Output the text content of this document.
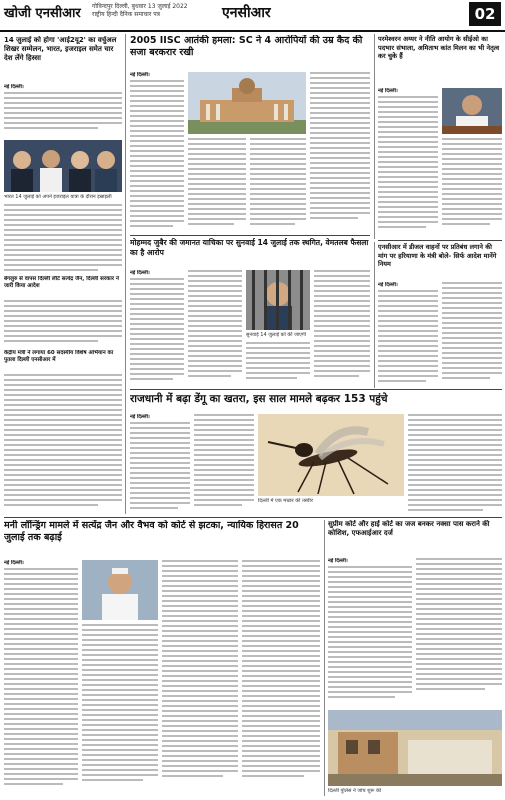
खोजी एनसीआर गोविन्दपुर दिल्ली, बुधवार 13 जुलाई 2022
राष्ट्रीय हिन्दी दैनिक समाचार पत्र	एनसीआर	02
14 जुलाई को होगा 'आई2यू2' का वर्चुअल शिखर सम्मेलन, भारत, इजराइल समेत चार देश लेंगे हिस्सा
नई दिल्ली।
भारत 14 जुलाई को अपने इजराइल यात्रा के दौरान इस्राइली
बेंगलुरु से वापस दिल्ली लौटे सत्येंद्र जैन, दिल्ली सरकार ने जारी किया आदेश
केंद्रीय मंत्री ने लगाया 60 सदस्यीय विशेष अभियान का पुतला दिल्ली एनसीआर में
2005 IISC आतंकी हमला: SC ने 4 आरोपियों की उम्र कैद की सजा बरकरार रखी
नई दिल्ली।
मोहम्मद जुबैर की जमानत याचिका पर सुनवाई 14 जुलाई तक स्थगित, वेमतलब फैसला का है आरोप
नई दिल्ली।
सुनवाई 14 जुलाई को की जाएगी
परमेश्वरन अय्यर ने नीति आयोग के सीईओ का पदभार संभाला, अमिताभ कांत मिलन का भी नेतृत्व कर चुके हैं
नई दिल्ली।
एनसीआर में डीजल वाहनों पर प्रतिबंध लगाने की मांग पर हरियाणा के मंत्री बोले- सिर्फ आदेश मानेंगे नियम
नई दिल्ली।
राजधानी में बढ़ा डेंगू का खतरा, इस साल मामले बढ़कर 153 पहुंचे
नई दिल्ली।
दिल्ली में एक मच्छर की तस्वीर
मनी लॉन्ड्रिंग मामले में सत्येंद्र जैन और वैभव को कोर्ट से झटका, न्यायिक हिरासत 20 जुलाई तक बढ़ाई
नई दिल्ली।
सुप्रीम कोर्ट और हाई कोर्ट का जज बनकर नक्सा पास कराने की कोशिश, एफआईआर दर्ज
नई दिल्ली।
दिल्ली पुलिस ने जांच शुरू की
